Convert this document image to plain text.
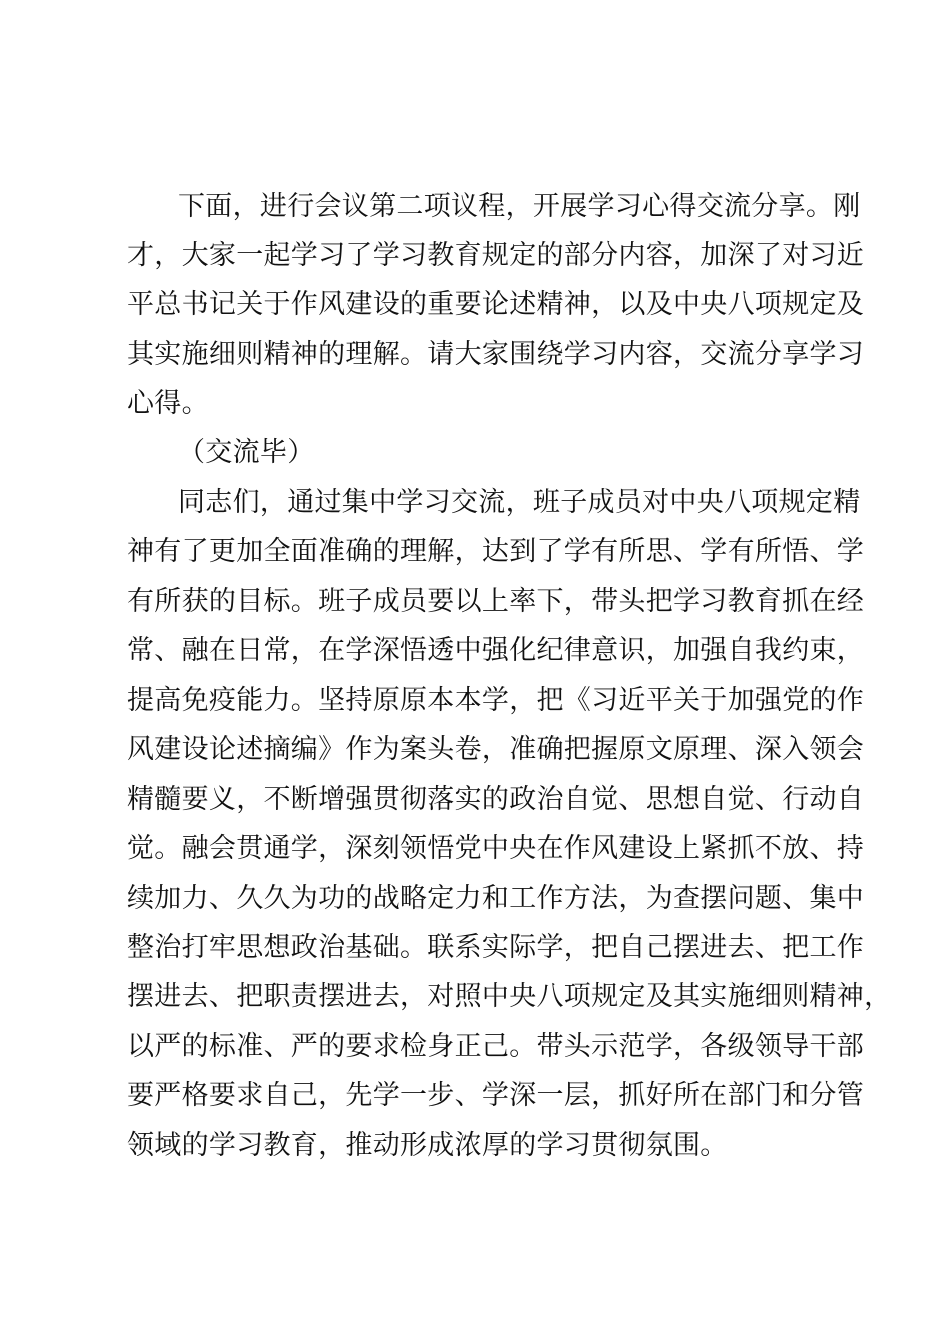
下面，进行会议第二项议程，开展学习心得交流分享。刚

才，大家一起学习了学习教育规定的部分内容，加深了对习近

平总书记关于作风建设的重要论述精神，以及中央八项规定及

其实施细则精神的理解。请大家围绕学习内容，交流分享学习

心得。

（交流毕）

同志们，通过集中学习交流，班子成员对中央八项规定精

神有了更加全面准确的理解，达到了学有所思、学有所悟、学

有所获的目标。班子成员要以上率下，带头把学习教育抓在经

常、融在日常，在学深悟透中强化纪律意识，加强自我约束，

提高免疫能力。坚持原原本本学，把《习近平关于加强党的作

风建设论述摘编》作为案头卷，准确把握原文原理、深入领会

精髓要义，不断增强贯彻落实的政治自觉、思想自觉、行动自

觉。融会贯通学，深刻领悟党中央在作风建设上紧抓不放、持

续加力、久久为功的战略定力和工作方法，为查摆问题、集中

整治打牢思想政治基础。联系实际学，把自己摆进去、把工作

摆进去、把职责摆进去，对照中央八项规定及其实施细则精神，

以严的标准、严的要求检身正己。带头示范学，各级领导干部

要严格要求自己，先学一步、学深一层，抓好所在部门和分管

领域的学习教育，推动形成浓厚的学习贯彻氛围。
